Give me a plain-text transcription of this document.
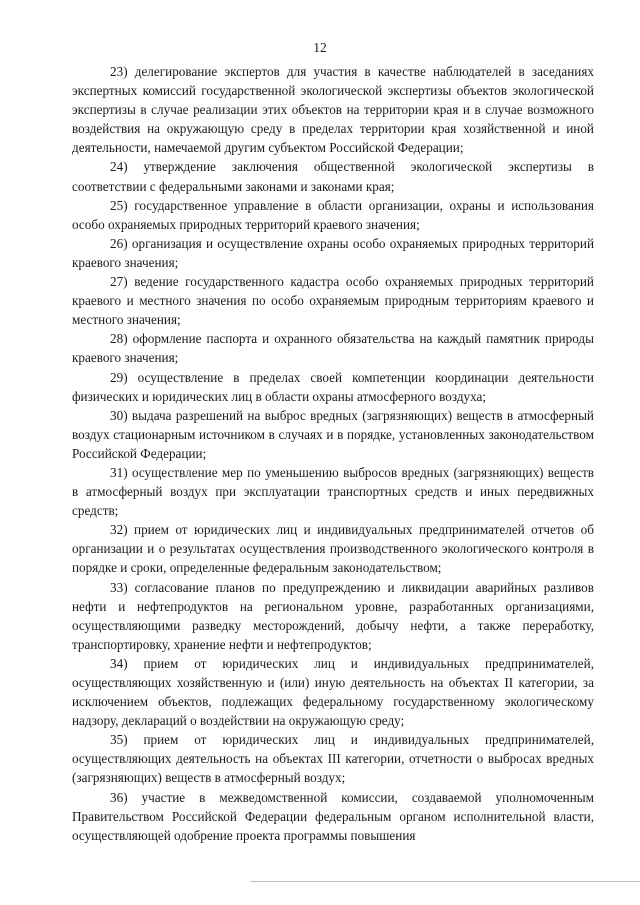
12

23) делегирование экспертов для участия в качестве наблюдателей в заседаниях экспертных комиссий государственной экологической экспертизы объектов экологической экспертизы в случае реализации этих объектов на территории края и в случае возможного воздействия на окружающую среду в пределах территории края хозяйственной и иной деятельности, намечаемой другим субъектом Российской Федерации;

24) утверждение заключения общественной экологической экспертизы в соответствии с федеральными законами и законами края;

25) государственное управление в области организации, охраны и использования особо охраняемых природных территорий краевого значения;

26) организация и осуществление охраны особо охраняемых природных территорий краевого значения;

27) ведение государственного кадастра особо охраняемых природных территорий краевого и местного значения по особо охраняемым природным территориям краевого и местного значения;

28) оформление паспорта и охранного обязательства на каждый памятник природы краевого значения;

29) осуществление в пределах своей компетенции координации деятельности физических и юридических лиц в области охраны атмосферного воздуха;

30) выдача разрешений на выброс вредных (загрязняющих) веществ в атмосферный воздух стационарным источником в случаях и в порядке, установленных законодательством Российской Федерации;

31) осуществление мер по уменьшению выбросов вредных (загрязняющих) веществ в атмосферный воздух при эксплуатации транспортных средств и иных передвижных средств;

32) прием от юридических лиц и индивидуальных предпринимателей отчетов об организации и о результатах осуществления производственного экологического контроля в порядке и сроки, определенные федеральным законодательством;

33) согласование планов по предупреждению и ликвидации аварийных разливов нефти и нефтепродуктов на региональном уровне, разработанных организациями, осуществляющими разведку месторождений, добычу нефти, а также переработку, транспортировку, хранение нефти и нефтепродуктов;

34) прием от юридических лиц и индивидуальных предпринимателей, осуществляющих хозяйственную и (или) иную деятельность на объектах II категории, за исключением объектов, подлежащих федеральному государственному экологическому надзору, деклараций о воздействии на окружающую среду;

35) прием от юридических лиц и индивидуальных предпринимателей, осуществляющих деятельность на объектах III категории, отчетности о выбросах вредных (загрязняющих) веществ в атмосферный воздух;

36) участие в межведомственной комиссии, создаваемой уполномоченным Правительством Российской Федерации федеральным органом исполнительной власти, осуществляющей одобрение проекта программы повышения
